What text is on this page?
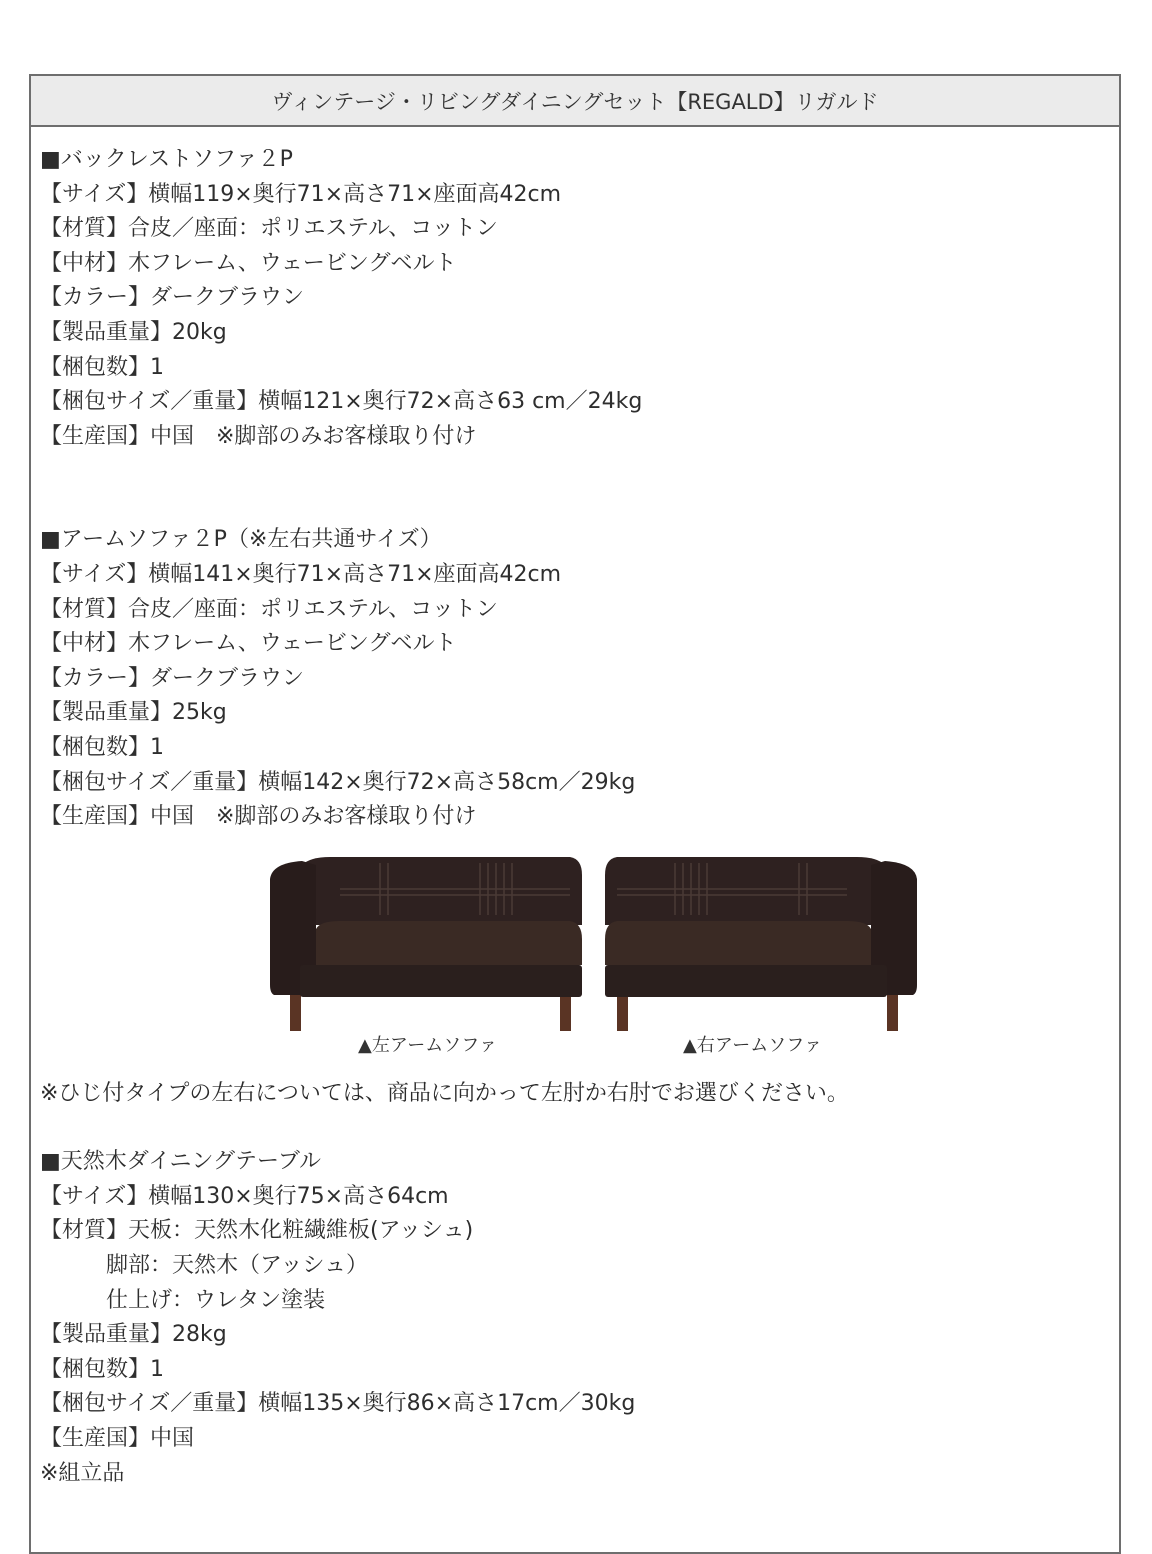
ヴィンテージ・リビングダイニングセット【REGALD】リガルド
■バックレストソファ２P
【サイズ】横幅119×奥行71×高さ71×座面高42cm
【材質】合皮／座面：ポリエステル、コットン
【中材】木フレーム、ウェービングベルト
【カラー】ダークブラウン
【製品重量】20kg
【梱包数】1
【梱包サイズ／重量】横幅121×奥行72×高さ63 cm／24kg
【生産国】中国　※脚部のみお客様取り付け
■アームソファ２P（※左右共通サイズ）
【サイズ】横幅141×奥行71×高さ71×座面高42cm
【材質】合皮／座面：ポリエステル、コットン
【中材】木フレーム、ウェービングベルト
【カラー】ダークブラウン
【製品重量】25kg
【梱包数】1
【梱包サイズ／重量】横幅142×奥行72×高さ58cm／29kg
【生産国】中国　※脚部のみお客様取り付け
▲左アームソファ	▲右アームソファ
※ひじ付タイプの左右については、商品に向かって左肘か右肘でお選びください。
■天然木ダイニングテーブル
【サイズ】横幅130×奥行75×高さ64cm
【材質】天板：天然木化粧繊維板(アッシュ)
　　　脚部：天然木（アッシュ）
　　　仕上げ：ウレタン塗装
【製品重量】28kg
【梱包数】1
【梱包サイズ／重量】横幅135×奥行86×高さ17cm／30kg
【生産国】中国
※組立品
